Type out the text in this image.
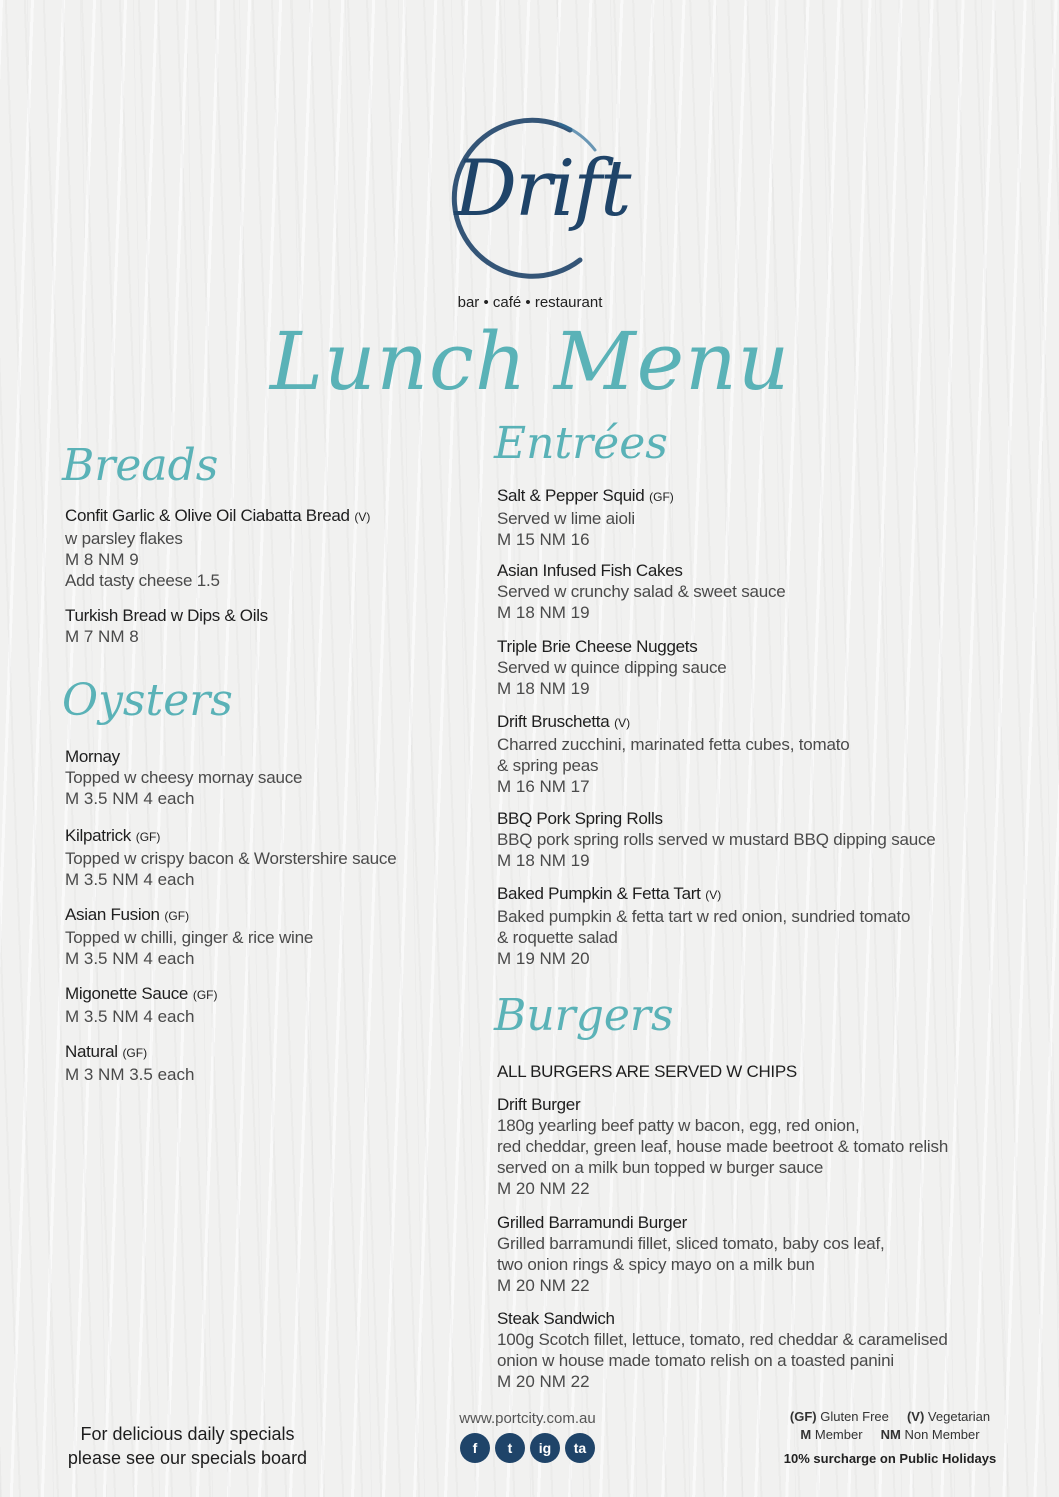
Drift
bar • café • restaurant
Lunch Menu
Breads
Confit Garlic & Olive Oil Ciabatta Bread (V)
w parsley flakes
M 8 NM 9
Add tasty cheese 1.5
Turkish Bread w Dips & Oils
M 7 NM 8
Oysters
Mornay
Topped w cheesy mornay sauce
M 3.5 NM 4 each
Kilpatrick (GF)
Topped w crispy bacon & Worstershire sauce
M 3.5 NM 4 each
Asian Fusion (GF)
Topped w chilli, ginger & rice wine
M 3.5 NM 4 each
Migonette Sauce (GF)
M 3.5 NM 4 each
Natural (GF)
M 3 NM 3.5 each
Entrées
Salt & Pepper Squid (GF)
Served w lime aioli
M 15 NM 16
Asian Infused Fish Cakes
Served w crunchy salad & sweet sauce
M 18 NM 19
Triple Brie Cheese Nuggets
Served w quince dipping sauce
M 18 NM 19
Drift Bruschetta (V)
Charred zucchini, marinated fetta cubes, tomato
& spring peas
M 16 NM 17
BBQ Pork Spring Rolls
BBQ pork spring rolls served w mustard BBQ dipping sauce
M 18 NM 19
Baked Pumpkin & Fetta Tart (V)
Baked pumpkin & fetta tart w red onion, sundried tomato
& roquette salad
M 19 NM 20
Burgers
ALL BURGERS ARE SERVED W CHIPS
Drift Burger
180g yearling beef patty w bacon, egg, red onion,
red cheddar, green leaf, house made beetroot & tomato relish
served on a milk bun topped w burger sauce
M 20 NM 22
Grilled Barramundi Burger
Grilled barramundi fillet, sliced tomato, baby cos leaf,
two onion rings & spicy mayo on a milk bun
M 20 NM 22
Steak Sandwich
100g Scotch fillet, lettuce, tomato, red cheddar & caramelised
onion w house made tomato relish on a toasted panini
M 20 NM 22
For delicious daily specials
please see our specials board
www.portcity.com.au
f	t	ig	ta
(GF) Gluten Free (V) Vegetarian
M Member NM Non Member
10% surcharge on Public Holidays
